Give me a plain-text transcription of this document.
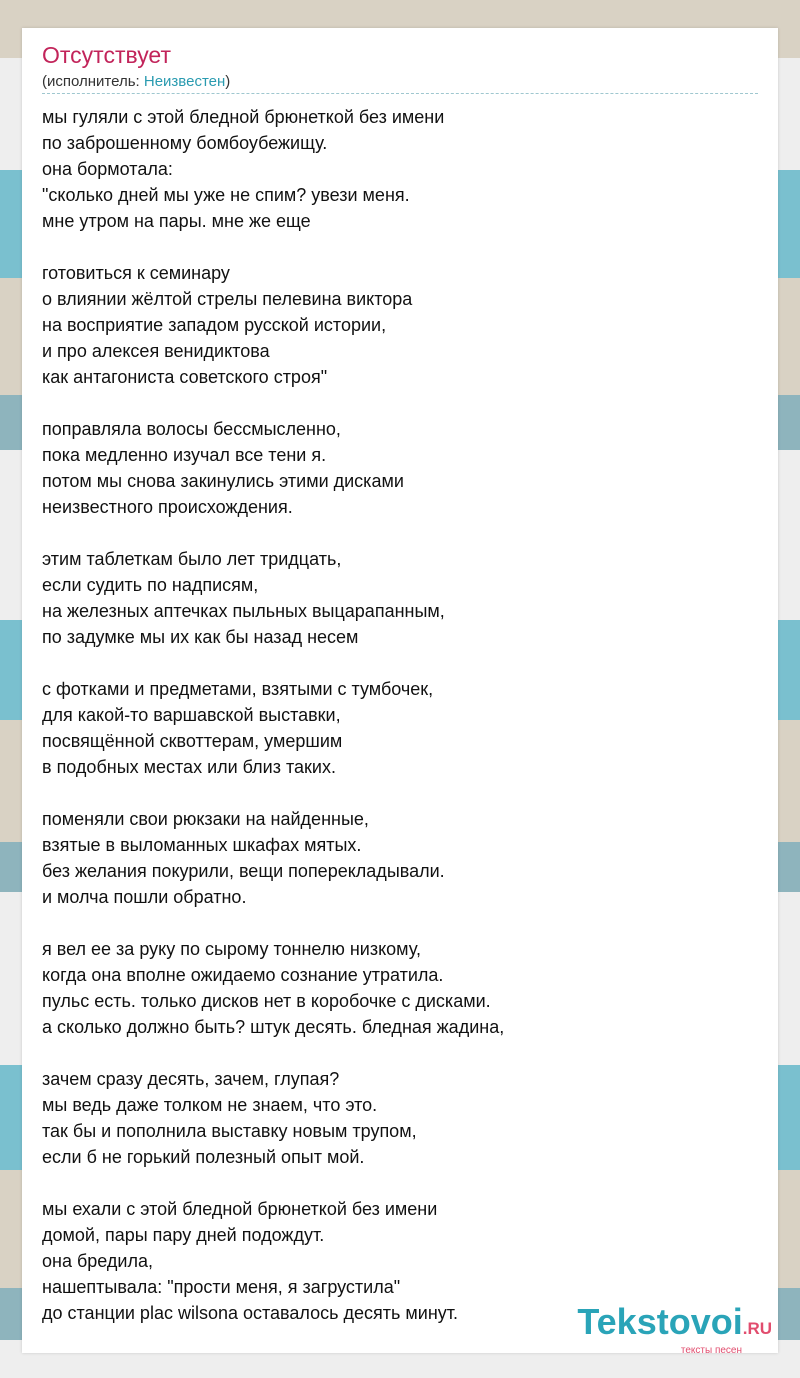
Отсутствует
(исполнитель: Неизвестен)
мы гуляли с этой бледной брюнеткой без имени
по заброшенному бомбоубежищу.
она бормотала:
"сколько дней мы уже не спим? увези меня.
мне утром на пары. мне же еще
готовиться к семинару
о влиянии жёлтой стрелы пелевина виктора
на восприятие западом русской истории,
и про алексея венидиктова
как антагониста советского строя"
поправляла волосы бессмысленно,
пока медленно изучал все тени я.
потом мы снова закинулись этими дисками
неизвестного происхождения.
этим таблеткам было лет тридцать,
если судить по надписям,
на железных аптечках пыльных выцарапанным,
по задумке мы их как бы назад несем
с фотками и предметами, взятыми с тумбочек,
для какой-то варшавской выставки,
посвящённой сквоттерам, умершим
в подобных местах или близ таких.
поменяли свои рюкзаки на найденные,
взятые в выломанных шкафах мятых.
без желания покурили, вещи поперекладывали.
и молча пошли обратно.
я вел ее за руку по сырому тоннелю низкому,
когда она вполне ожидаемо сознание утратила.
пульс есть. только дисков нет в коробочке с дисками.
а сколько должно быть? штук десять. бледная жадина,
зачем сразу десять, зачем, глупая?
мы ведь даже толком не знаем, что это.
так бы и пополнила выставку новым трупом,
если б не горький полезный опыт мой.
мы ехали с этой бледной брюнеткой без имени
домой, пары пару дней подождут.
она бредила,
нашептывала: "прости меня, я загрустила"
до станции plac wilsona оставалось десять минут.	Tekstovoi.RU
тексты песен
